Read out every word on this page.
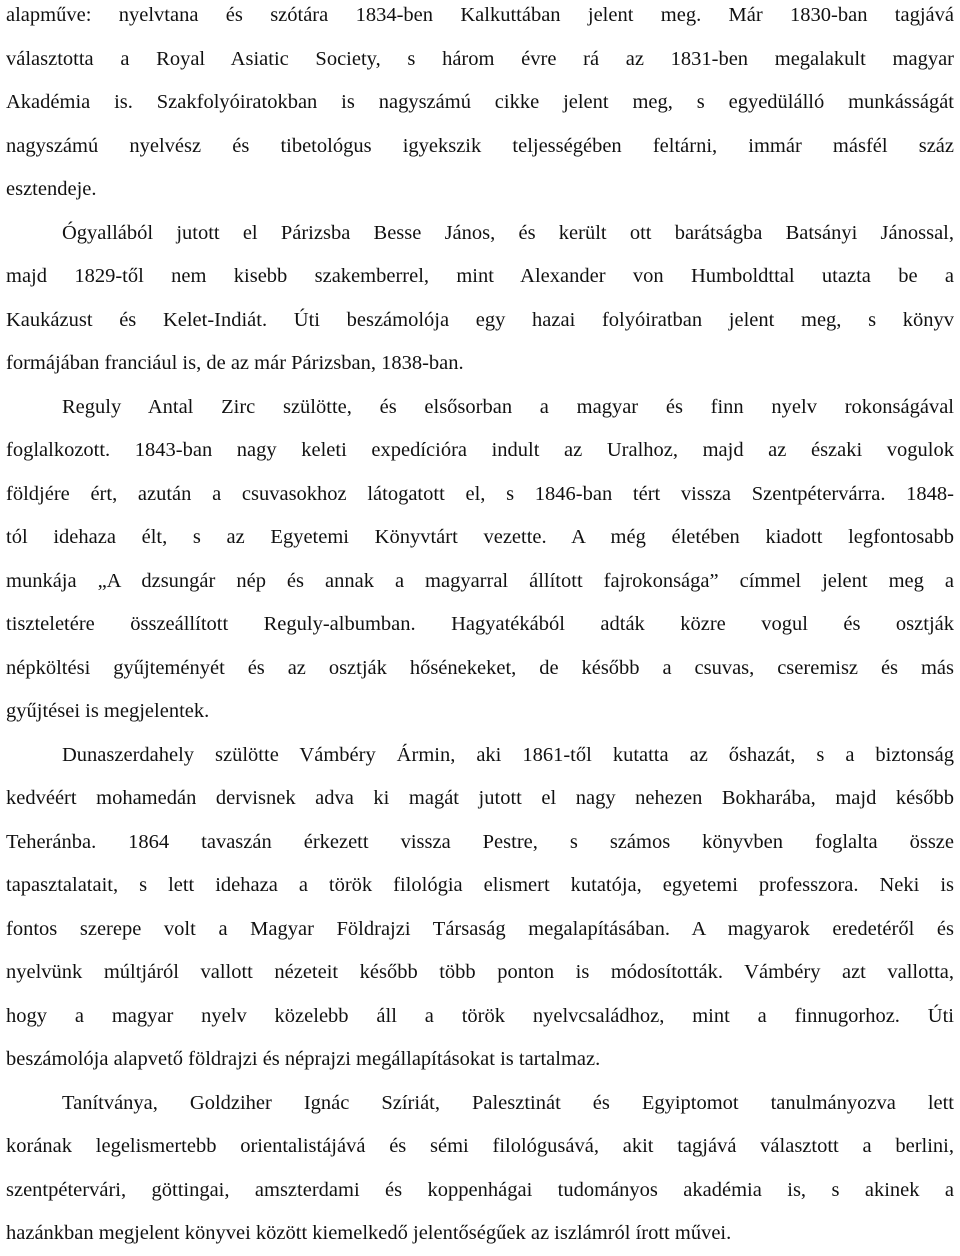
alapműve: nyelvtana és szótára 1834-ben Kalkuttában jelent meg. Már 1830-ban tagjává
választotta a Royal Asiatic Society, s három évre rá az 1831-ben megalakult magyar
Akadémia is. Szakfolyóiratokban is nagyszámú cikke jelent meg, s egyedülálló munkásságát
nagyszámú nyelvész és tibetológus igyekszik teljességében feltárni, immár másfél száz
esztendeje.
Ógyallából jutott el Párizsba Besse János, és került ott barátságba Batsányi Jánossal,
majd 1829-től nem kisebb szakemberrel, mint Alexander von Humboldttal utazta be a
Kaukázust és Kelet-Indiát. Úti beszámolója egy hazai folyóiratban jelent meg, s könyv
formájában franciául is, de az már Párizsban, 1838-ban.
Reguly Antal Zirc szülötte, és elsősorban a magyar és finn nyelv rokonságával
foglalkozott. 1843-ban nagy keleti expedícióra indult az Uralhoz, majd az északi vogulok
földjére ért, azután a csuvasokhoz látogatott el, s 1846-ban tért vissza Szentpétervárra. 1848-
tól idehaza élt, s az Egyetemi Könyvtárt vezette. A még életében kiadott legfontosabb
munkája „A dzsungár nép és annak a magyarral állított fajrokonsága” címmel jelent meg a
tiszteletére összeállított Reguly-albumban. Hagyatékából adták közre vogul és osztják
népköltési gyűjteményét és az osztják hősénekeket, de később a csuvas, cseremisz és más
gyűjtései is megjelentek.
Dunaszerdahely szülötte Vámbéry Ármin, aki 1861-től kutatta az őshazát, s a biztonság
kedvéért mohamedán dervisnek adva ki magát jutott el nagy nehezen Bokharába, majd később
Teheránba. 1864 tavaszán érkezett vissza Pestre, s számos könyvben foglalta össze
tapasztalatait, s lett idehaza a török filológia elismert kutatója, egyetemi professzora. Neki is
fontos szerepe volt a Magyar Földrajzi Társaság megalapításában. A magyarok eredetéről és
nyelvünk múltjáról vallott nézeteit később több ponton is módosították. Vámbéry azt vallotta,
hogy a magyar nyelv közelebb áll a török nyelvcsaládhoz, mint a finnugorhoz. Úti
beszámolója alapvető földrajzi és néprajzi megállapításokat is tartalmaz.
Tanítványa, Goldziher Ignác Szíriát, Palesztinát és Egyiptomot tanulmányozva lett
korának legelismertebb orientalistájává és sémi filológusává, akit tagjává választott a berlini,
szentpétervári, göttingai, amszterdami és koppenhágai tudományos akadémia is, s akinek a
hazánkban megjelent könyvei között kiemelkedő jelentőségűek az iszlámról írott művei.
